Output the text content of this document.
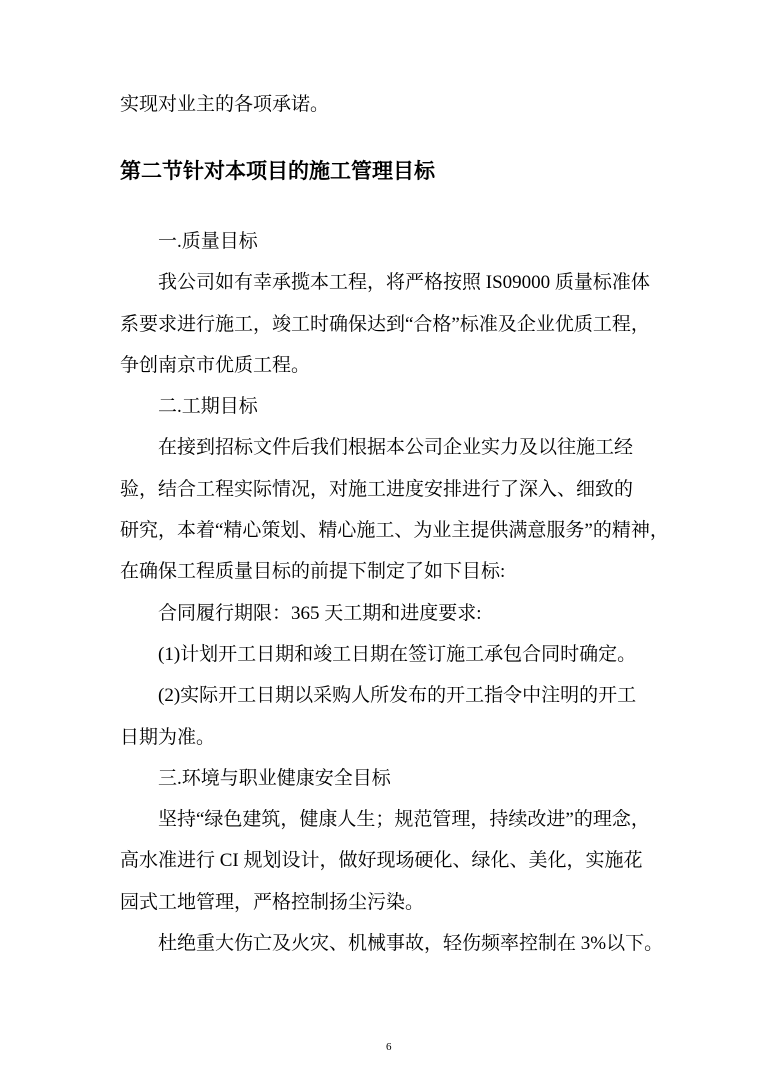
实现对业主的各项承诺。

第二节针对本项目的施工管理目标

一.质量目标

我公司如有幸承揽本工程，将严格按照 IS09000 质量标准体

系要求进行施工，竣工时确保达到“合格”标准及企业优质工程，

争创南京市优质工程。

二.工期目标

在接到招标文件后我们根据本公司企业实力及以往施工经

验，结合工程实际情况，对施工进度安排进行了深入、细致的

研究，本着“精心策划、精心施工、为业主提供满意服务”的精神，

在确保工程质量目标的前提下制定了如下目标:

合同履行期限：365 天工期和进度要求:

(1)计划开工日期和竣工日期在签订施工承包合同时确定。

(2)实际开工日期以采购人所发布的开工指令中注明的开工

日期为准。

三.环境与职业健康安全目标

坚持“绿色建筑，健康人生；规范管理，持续改进”的理念，

高水准进行 CI 规划设计，做好现场硬化、绿化、美化，实施花

园式工地管理，严格控制扬尘污染。

杜绝重大伤亡及火灾、机械事故，轻伤频率控制在 3%以下。

6
